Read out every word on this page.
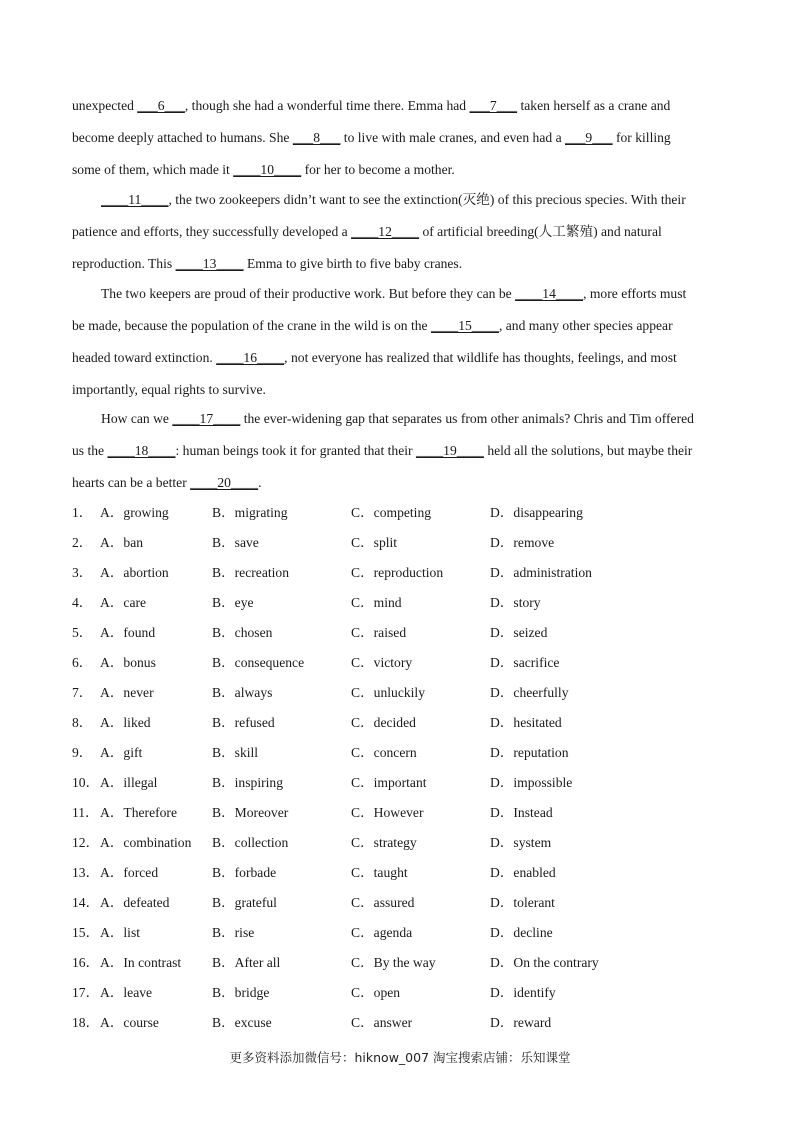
unexpected ___6___, though she had a wonderful time there. Emma had ___7___ taken herself as a crane and
become deeply attached to humans. She ___8___ to live with male cranes, and even had a ___9___ for killing
some of them, which made it ____10____ for her to become a mother.
____11____, the two zookeepers didn’t want to see the extinction(灭绝) of this precious species. With their
patience and efforts, they successfully developed a ____12____ of artificial breeding(人工繁殖) and natural
reproduction. This ____13____ Emma to give birth to five baby cranes.
The two keepers are proud of their productive work. But before they can be ____14____, more efforts must
be made, because the population of the crane in the wild is on the ____15____, and many other species appear
headed toward extinction. ____16____, not everyone has realized that wildlife has thoughts, feelings, and most
importantly, equal rights to survive.
How can we ____17____ the ever-widening gap that separates us from other animals? Chris and Tim offered
us the ____18____: human beings took it for granted that their ____19____ held all the solutions, but maybe their
hearts can be a better ____20____.
1． A．growing	B．migrating	C．competing	D．disappearing
2． A．ban	B．save	C．split	D．remove
3． A．abortion	B．recreation	C．reproduction	D．administration
4． A．care	B．eye	C．mind	D．story
5． A．found	B．chosen	C．raised	D．seized
6． A．bonus	B．consequence	C．victory	D．sacrifice
7． A．never	B．always	C．unluckily	D．cheerfully
8． A．liked	B．refused	C．decided	D．hesitated
9． A．gift	B．skill	C．concern	D．reputation
10． A．illegal	B．inspiring	C．important	D．impossible
11． A．Therefore	B．Moreover	C．However	D．Instead
12． A．combination B．collection	C．strategy	D．system
13． A．forced	B．forbade	C．taught	D．enabled
14． A．defeated	B．grateful	C．assured	D．tolerant
15． A．list	B．rise	C．agenda	D．decline
16． A．In contrast B．After all	C．By the way	D．On the contrary
17． A．leave	B．bridge	C．open	D．identify
18． A．course	B．excuse	C．answer	D．reward
更多资料添加微信号：hiknow_007 淘宝搜索店铺：乐知课堂
